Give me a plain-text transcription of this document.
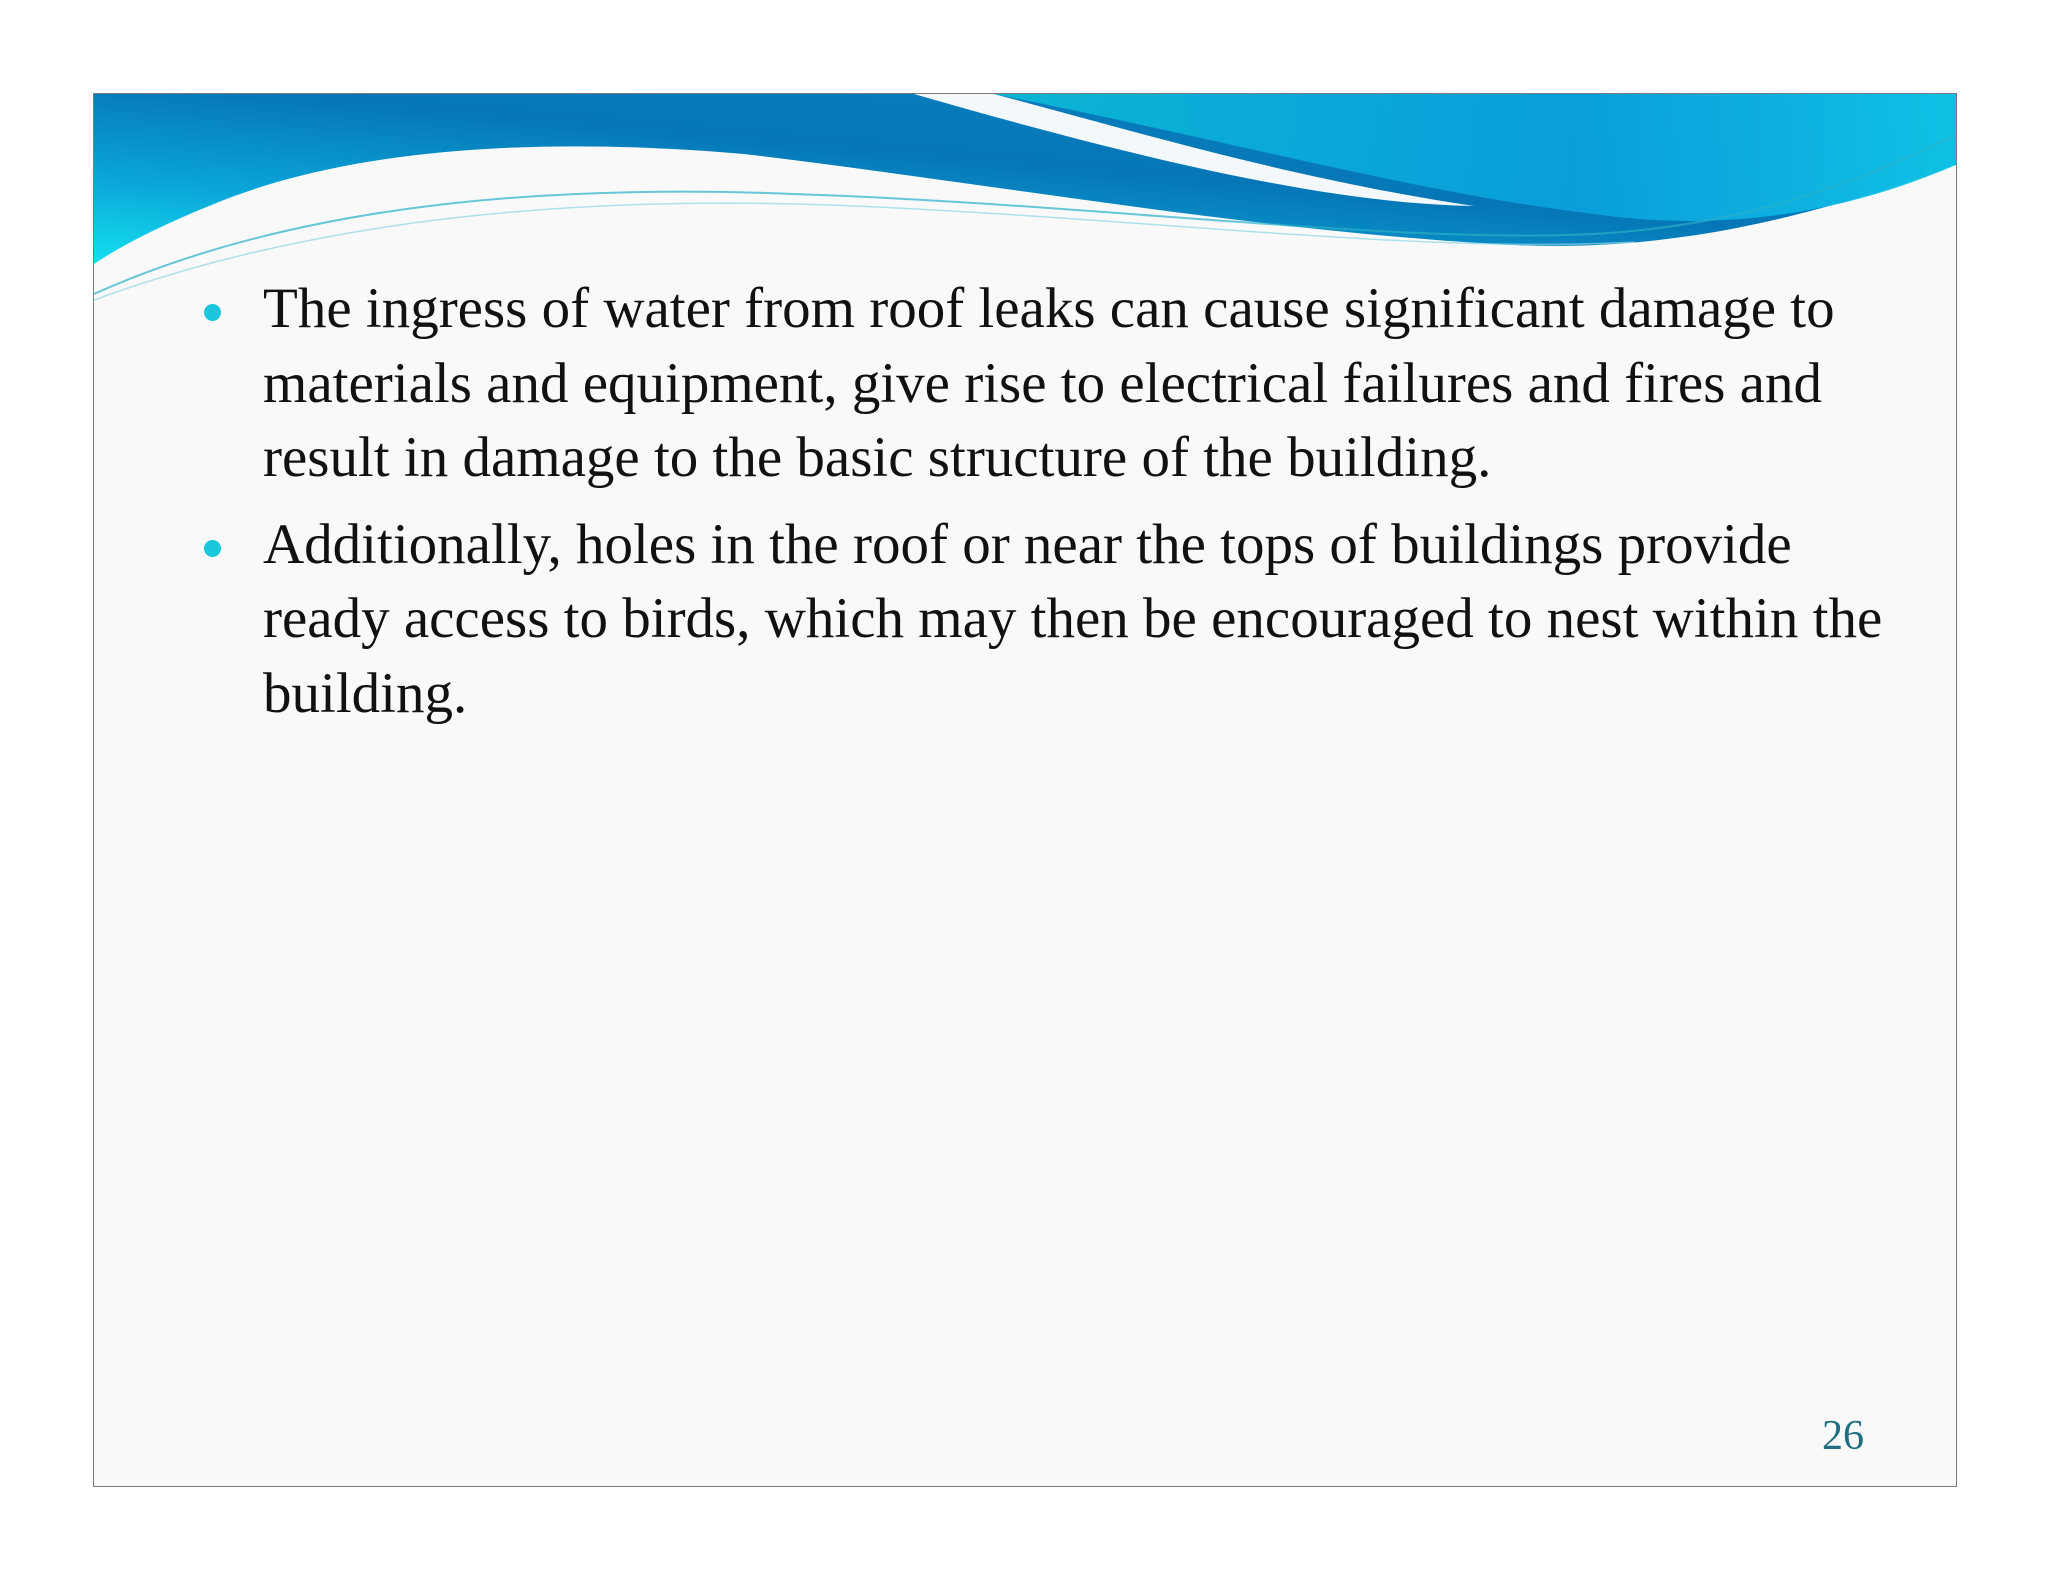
The ingress of water from roof leaks can cause significant damage to materials and equipment, give rise to electrical failures and fires and result in damage to the basic structure of the building.
Additionally, holes in the roof or near the tops of buildings provide ready access to birds, which may then be encouraged to nest within the building.
26
